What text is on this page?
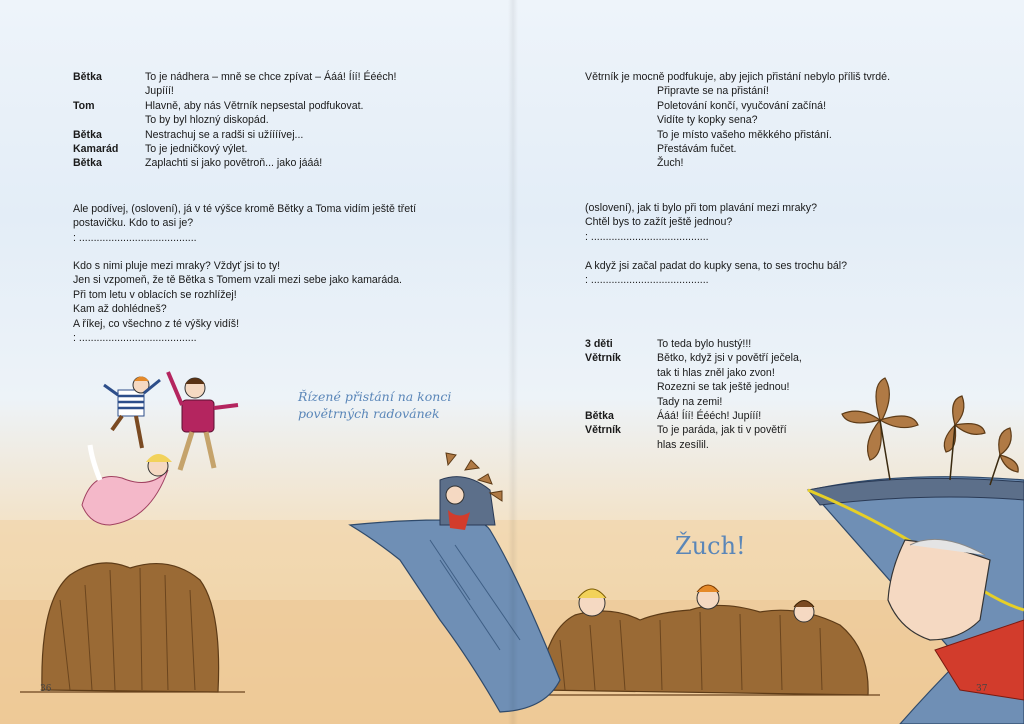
Bětka	To je nádhera – mně se chce zpívat – Ááá! Ííí! Éééch!
Jupííí!
Tom	Hlavně, aby nás Větrník nepsestal podfukovat.
To by byl hlozný diskopád.
Bětka	Nestrachuj se a radši si užíííívej...
Kamarád	To je jedničkový výlet.
Bětka	Zaplachti si jako povětroň... jako jááá!
Ale podívej, (oslovení), já v té výšce kromě Bětky a Toma vidím ještě třetí
postavičku. Kdo to asi je?
: ........................................
Kdo s nimi pluje mezi mraky? Vždyť jsi to ty!
Jen si vzpomeň, že tě Bětka s Tomem vzali mezi sebe jako kamaráda.
Při tom letu v oblacích se rozhlížej!
Kam až dohlédneš?
A říkej, co všechno z té výšky vidíš!
: ........................................
Řízené přistání na konci
povětrných radovánek
36
Větrník je mocně podfukuje, aby jejich přistání nebylo příliš tvrdé.
Připravte se na přistání!
Poletování končí, vyučování začíná!
Vidíte ty kopky sena?
To je místo vašeho měkkého přistání.
Přestávám fučet.
Žuch!
(oslovení), jak ti bylo při tom plavání mezi mraky?
Chtěl bys to zažít ještě jednou?
: ........................................
A když jsi začal padat do kupky sena, to ses trochu bál?
: ........................................
3 děti	To teda bylo hustý!!!
Větrník	Bětko, když jsi v povětří ječela,
tak ti hlas zněl jako zvon!
Rozezni se tak ještě jednou!
Tady na zemi!
Bětka	Ááá! Ííí! Éééch! Jupííí!
Větrník	To je paráda, jak ti v povětří
hlas zesílil.
Žuch!
37
